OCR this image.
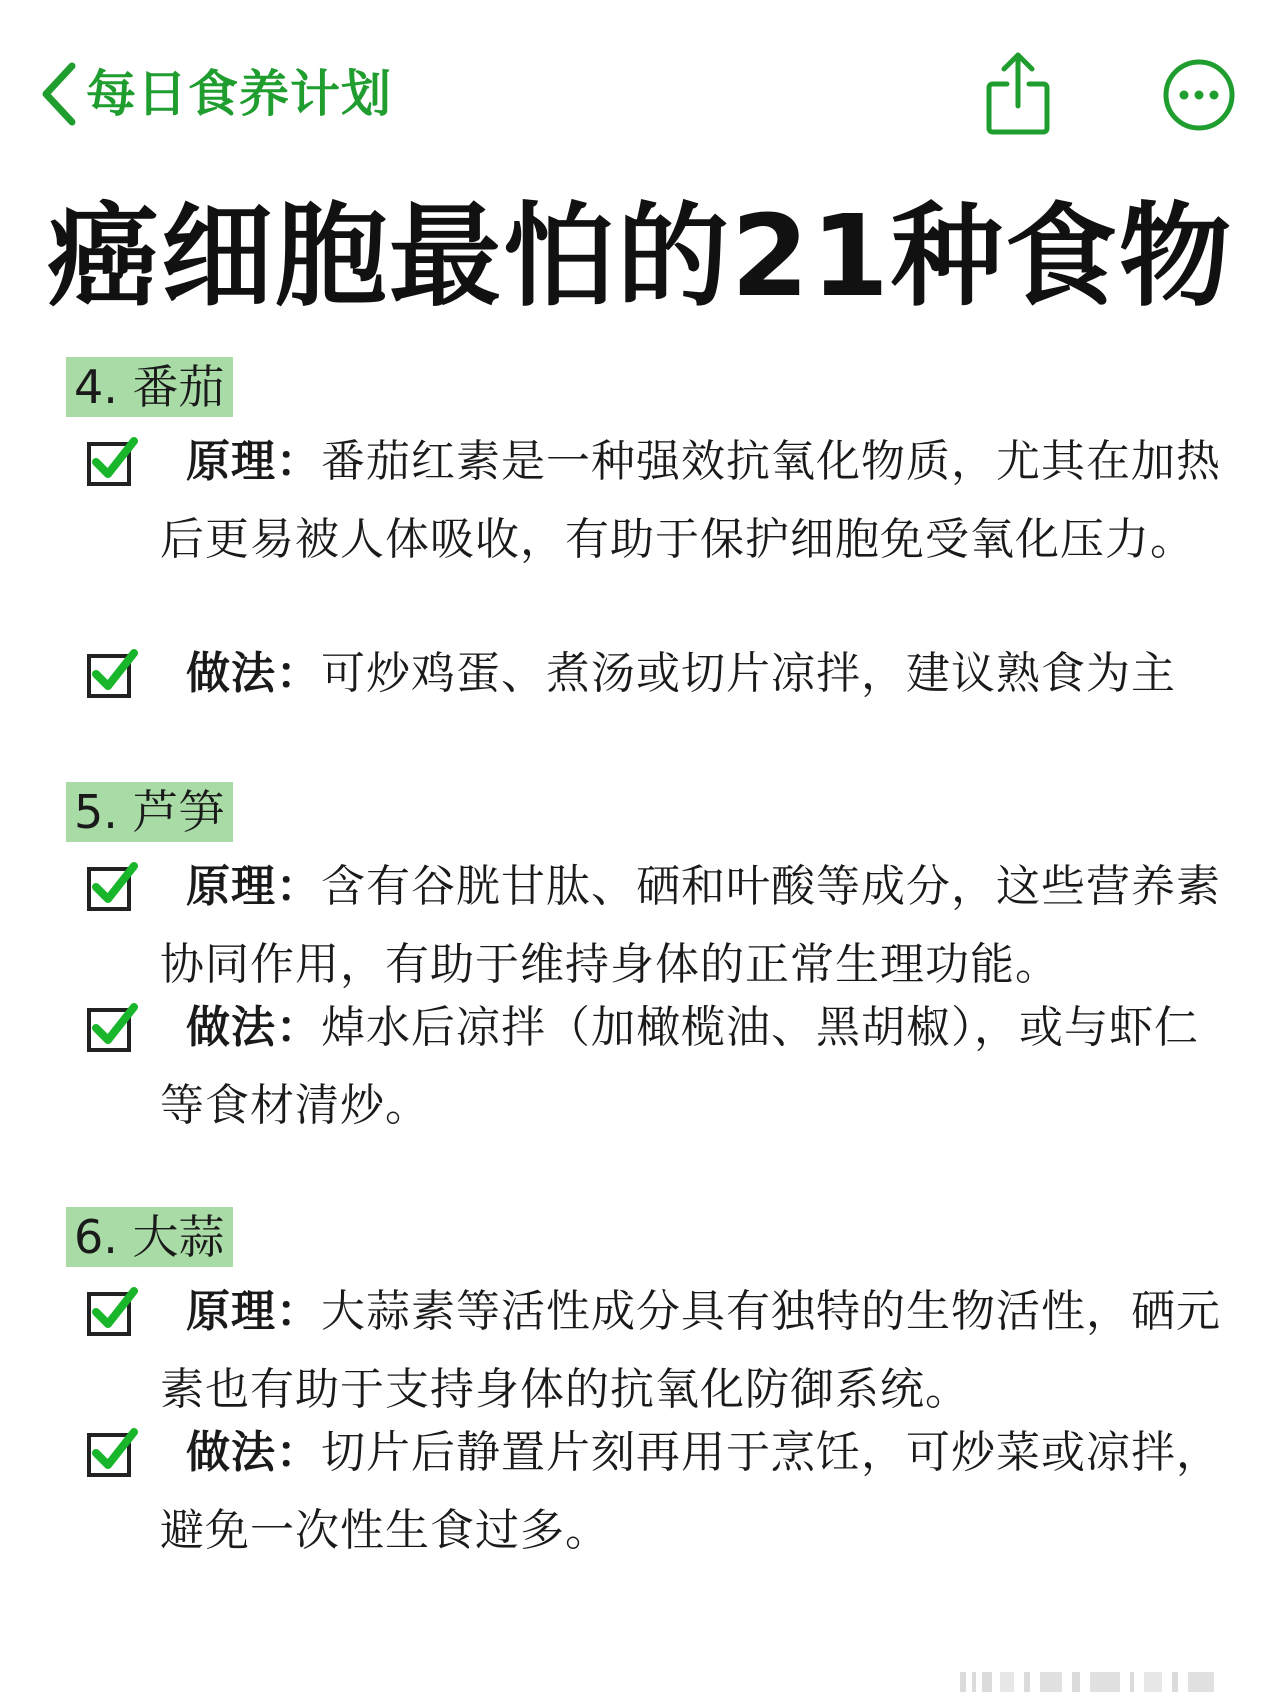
每日食养计划
癌细胞最怕的21种食物
4. 番茄
原理：番茄红素是一种强效抗氧化物质，尤其在加热后更易被人体吸收，有助于保护细胞免受氧化压力。
做法：可炒鸡蛋、煮汤或切片凉拌，建议熟食为主
5. 芦笋
原理：含有谷胱甘肽、硒和叶酸等成分，这些营养素协同作用，有助于维持身体的正常生理功能。
做法：焯水后凉拌（加橄榄油、黑胡椒），或与虾仁等食材清炒。
6. 大蒜
原理：大蒜素等活性成分具有独特的生物活性，硒元素也有助于支持身体的抗氧化防御系统。
做法：切片后静置片刻再用于烹饪，可炒菜或凉拌，避免一次性生食过多。
